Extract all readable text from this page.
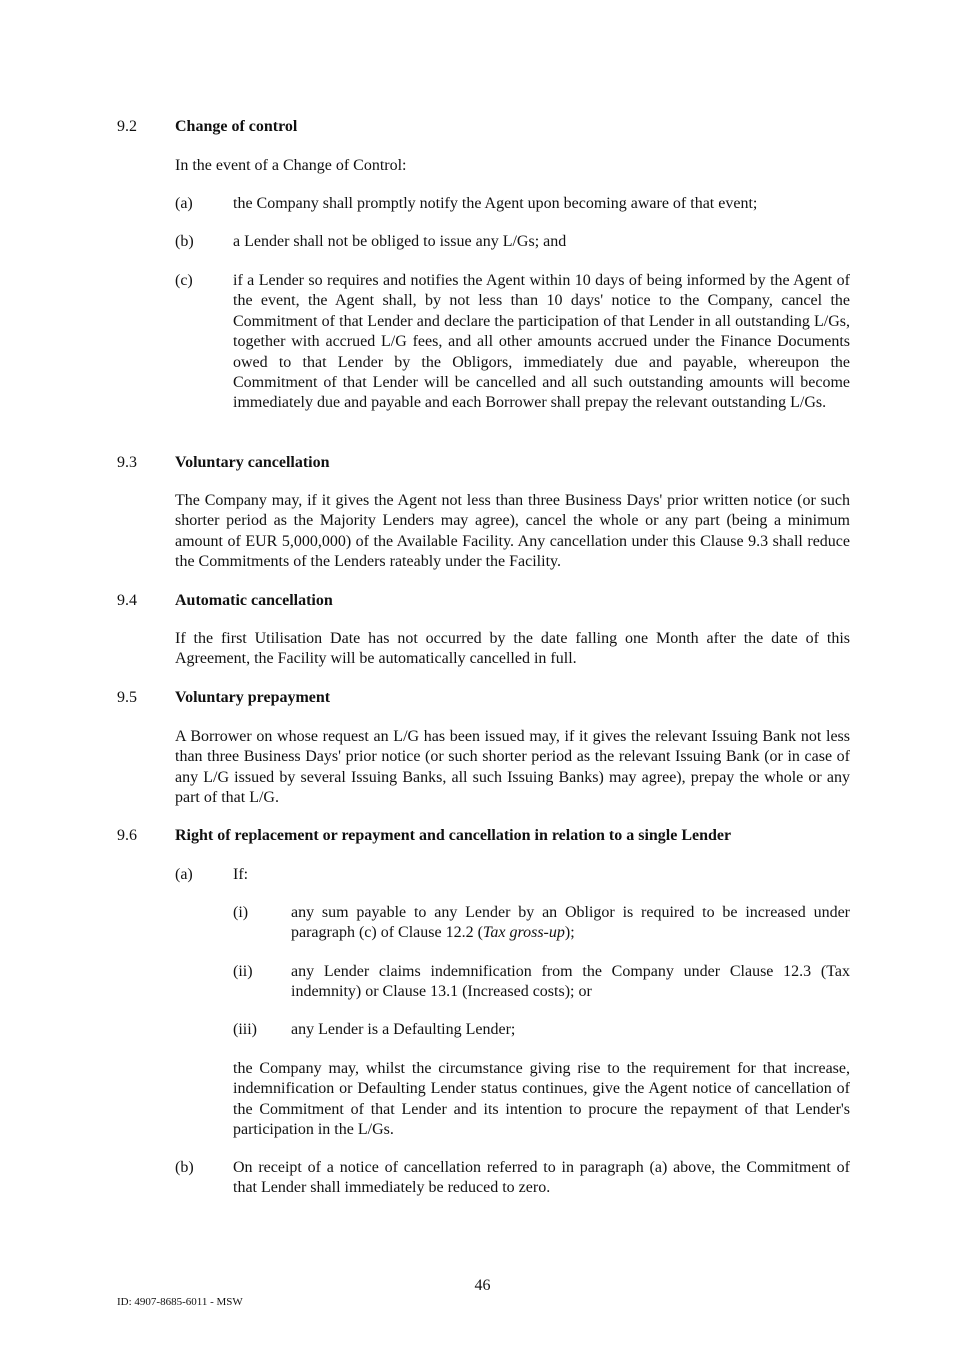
9.2 Change of control
In the event of a Change of Control:
(a)	the Company shall promptly notify the Agent upon becoming aware of that event;
(b) a Lender shall not be obliged to issue any L/Gs; and
(c)	if a Lender so requires and notifies the Agent within 10 days of being informed by the Agent of the event, the Agent shall, by not less than 10 days' notice to the Company, cancel the Commitment of that Lender and declare the participation of that Lender in all outstanding L/Gs, together with accrued L/G fees, and all other amounts accrued under the Finance Documents owed to that Lender by the Obligors, immediately due and payable, whereupon the Commitment of that Lender will be cancelled and all such outstanding amounts will become immediately due and payable and each Borrower shall prepay the relevant outstanding L/Gs.
9.3 Voluntary cancellation
The Company may, if it gives the Agent not less than three Business Days' prior written notice (or such shorter period as the Majority Lenders may agree), cancel the whole or any part (being a minimum amount of EUR 5,000,000) of the Available Facility. Any cancellation under this Clause 9.3 shall reduce the Commitments of the Lenders rateably under the Facility.
9.4 Automatic cancellation
If the first Utilisation Date has not occurred by the date falling one Month after the date of this Agreement, the Facility will be automatically cancelled in full.
9.5 Voluntary prepayment
A Borrower on whose request an L/G has been issued may, if it gives the relevant Issuing Bank not less than three Business Days' prior notice (or such shorter period as the relevant Issuing Bank (or in case of any L/G issued by several Issuing Banks, all such Issuing Banks) may agree), prepay the whole or any part of that L/G.
9.6 Right of replacement or repayment and cancellation in relation to a single Lender
(a)	If:
(i)	any sum payable to any Lender by an Obligor is required to be increased under paragraph (c) of Clause 12.2 (Tax gross-up);
(ii) any Lender claims indemnification from the Company under Clause 12.3 (Tax indemnity) or Clause 13.1 (Increased costs); or
(iii) any Lender is a Defaulting Lender;
the Company may, whilst the circumstance giving rise to the requirement for that increase, indemnification or Defaulting Lender status continues, give the Agent notice of cancellation of the Commitment of that Lender and its intention to procure the repayment of that Lender's participation in the L/Gs.
(b) On receipt of a notice of cancellation referred to in paragraph (a) above, the Commitment of that Lender shall immediately be reduced to zero.
46
ID: 4907-8685-6011 - MSW
